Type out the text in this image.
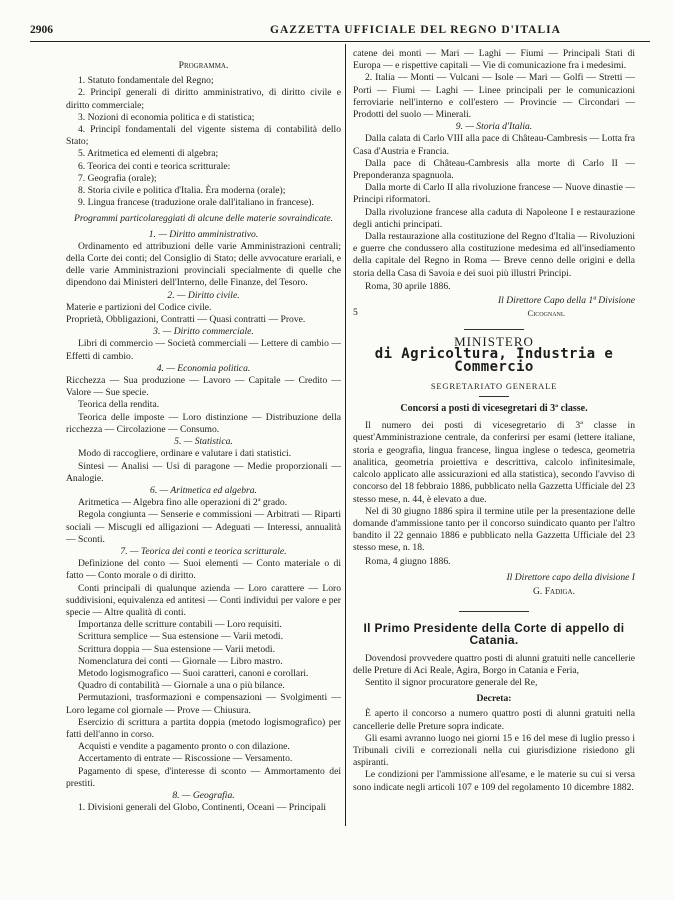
2906	GAZZETTA UFFICIALE DEL REGNO D'ITALIA

Programma.

1. Statuto fondamentale del Regno;

2. Principî generali di diritto amministrativo, di diritto civile e diritto commerciale;

3. Nozioni di economia politica e di statistica;

4. Principî fondamentali del vigente sistema di contabilità dello Stato;

5. Aritmetica ed elementi di algebra;

6. Teorica dei conti e teorica scritturale:

7. Geografia (orale);

8. Storia civile e politica d'Italia. Èra moderna (orale);

9. Lingua francese (traduzione orale dall'italiano in francese).

Programmi particolareggiati di alcune delle materie sovraindicate.

1. — Diritto amministrativo.

Ordinamento ed attribuzioni delle varie Amministrazioni centrali; della Corte dei conti; del Consiglio di Stato; delle avvocature erariali, e delle varie Amministrazioni provinciali specialmente di quelle che dipendono dai Ministeri dell'Interno, delle Finanze, del Tesoro.

2. — Diritto civile.

Materie e partizioni del Codice civile.

Proprietà, Obbligazioni, Contratti — Quasi contratti — Prove.

3. — Diritto commerciale.

Libri di commercio — Società commerciali — Lettere di cambio — Effetti di cambio.

4. — Economia politica.

Ricchezza — Sua produzione — Lavoro — Capitale — Credito — Valore — Sue specie.

Teorica della rendita.

Teorica delle imposte — Loro distinzione — Distribuzione della ricchezza — Circolazione — Consumo.

5. — Statistica.

Modo di raccogliere, ordinare e valutare i dati statistici.

Sintesi — Analisi — Usi di paragone — Medie proporzionali — Analogie.

6. — Aritmetica ed algebra.

Aritmetica — Algebra fino alle operazioni di 2ª grado.

Regola congiunta — Senserie e commissioni — Arbitrati — Riparti sociali — Miscugli ed alligazioni — Adeguati — Interessi, annualità — Sconti.

7. — Teorica dei conti e teorica scritturale.

Definizione del conto — Suoi elementi — Conto materiale o di fatto — Conto morale o di diritto.

Conti principali di qualunque azienda — Loro carattere — Loro suddivisioni, equivalenza ed antitesi — Conti individui per valore e per specie — Altre qualità di conti.

Importanza delle scritture contabili — Loro requisiti.

Scrittura semplice — Sua estensione — Varii metodi.

Scrittura doppia — Sua estensione — Varii metodi.

Nomenclatura dei conti — Giornale — Libro mastro.

Metodo logismografico — Suoi caratteri, canoni e corollari.

Quadro di contabilità — Giornale a una o più bilance.

Permutazioni, trasformazioni e compensazioni — Svolgimenti — Loro legame col giornale — Prove — Chiusura.

Esercizio di scrittura a partita doppia (metodo logismografico) per fatti dell'anno in corso.

Acquisti e vendite a pagamento pronto o con dilazione.

Accertamento di entrate — Riscossione — Versamento.

Pagamento di spese, d'interesse di sconto — Ammortamento dei prestiti.

8. — Geografia.

1. Divisioni generali del Globo, Continenti, Oceani — Principali

catene dei monti — Mari — Laghi — Fiumi — Principali Stati di Europa — e rispettive capitali — Vie di comunicazione fra i medesimi.

2. Italia — Monti — Vulcani — Isole — Mari — Golfi — Stretti — Porti — Fiumi — Laghi — Linee principali per le comunicazioni ferroviarie nell'interno e coll'estero — Provincie — Circondari — Prodotti del suolo — Minerali.

9. — Storia d'Italia.

Dalla calata di Carlo VIII alla pace di Château-Cambresis — Lotta fra Casa d'Austria e Francia.

Dalla pace di Château-Cambresis alla morte di Carlo II — Preponderanza spagnuola.

Dalla morte di Carlo II alla rivoluzione francese — Nuove dinastie — Principi riformatori.

Dalla rivoluzione francese alla caduta di Napoleone I e restaurazione degli antichi principati.

Dalla restaurazione alla costituzione del Regno d'Italia — Rivoluzioni e guerre che condussero alla costituzione medesima ed all'insediamento della capitale del Regno in Roma — Breve cenno delle origini e della storia della Casa di Savoia e dei suoi più illustri Principi.

Roma, 30 aprile 1886.

Il Direttore Capo della 1ª Divisione

5	Cicognani.

MINISTERO

di Agricoltura, Industria e Commercio

SEGRETARIATO GENERALE

Concorsi a posti di vicesegretari di 3ª classe.

Il numero dei posti di vicesegretario di 3ª classe in quest'Amministrazione centrale, da conferirsi per esami (lettere italiane, storia e geografia, lingua francese, lingua inglese o tedesca, geometria analitica, geometria proiettiva e descrittiva, calcolo infinitesimale, calcolo applicato alle assicurazioni ed alla statistica), secondo l'avviso di concorso del 18 febbraio 1886, pubblicato nella Gazzetta Ufficiale del 23 stesso mese, n. 44, è elevato a due.

Nel di 30 giugno 1886 spira il termine utile per la presentazione delle domande d'ammissione tanto per il concorso suindicato quanto per l'altro bandito il 22 gennaio 1886 e pubblicato nella Gazzetta Ufficiale del 23 stesso mese, n. 18.

Roma, 4 giugno 1886.

Il Direttore capo della divisione I

G. Fadiga.

Il Primo Presidente della Corte di appello di Catania.

Dovendosi provvedere quattro posti di alunni gratuiti nelle cancellerie delle Preture di Aci Reale, Agira, Borgo in Catania e Feria,

Sentito il signor procuratore generale del Re,

Decreta:

È aperto il concorso a numero quattro posti di alunni gratuiti nella cancellerie delle Preture sopra indicate.

Gli esami avranno luogo nei giorni 15 e 16 del mese di luglio presso i Tribunali civili e correzionali nella cui giurisdizione risiedono gli aspiranti.

Le condizioni per l'ammissione all'esame, e le materie su cui si versa sono indicate negli articoli 107 e 109 del regolamento 10 dicembre 1882.
